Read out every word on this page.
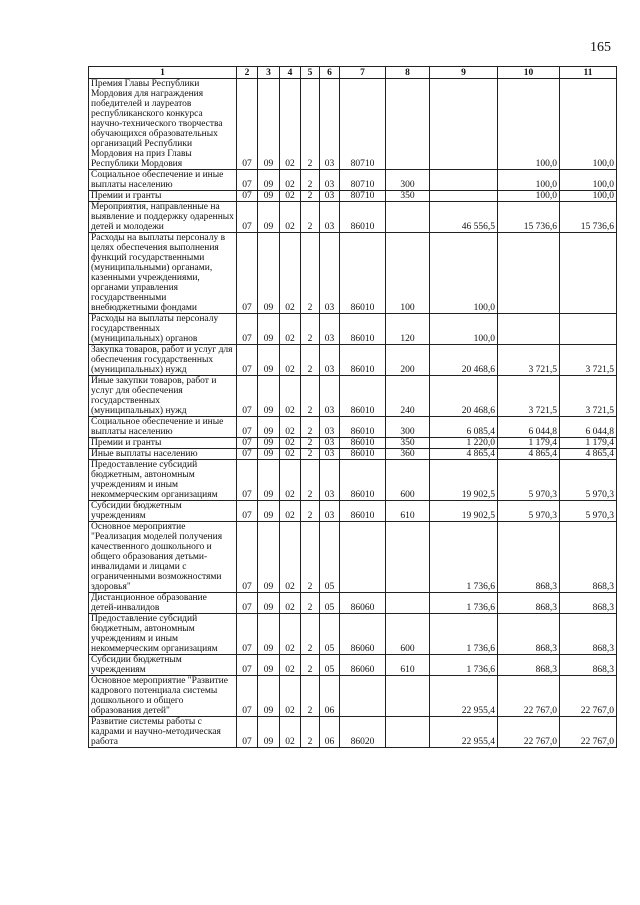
165
1	2	3	4	5	6	7	8	9	10	11
Премия Главы Республики Мордовия для награждения победителей и лауреатов республиканского конкурса научно-технического творчества обучающихся образовательных организаций Республики Мордовия на приз Главы Республики Мордовия	07	09	02	2	03	80710			100,0	100,0
Социальное обеспечение и иные выплаты населению	07	09	02	2	03	80710	300		100,0	100,0
Премии и гранты	07	09	02	2	03	80710	350		100,0	100,0
Мероприятия, направленные на выявление и поддержку одаренных детей и молодежи	07	09	02	2	03	86010		46 556,5	15 736,6	15 736,6
Расходы на выплаты персоналу в целях обеспечения выполнения функций государственными (муниципальными) органами, казенными учреждениями, органами управления государственными внебюджетными фондами	07	09	02	2	03	86010	100	100,0		
Расходы на выплаты персоналу государственных (муниципальных) органов	07	09	02	2	03	86010	120	100,0		
Закупка товаров, работ и услуг для обеспечения государственных (муниципальных) нужд	07	09	02	2	03	86010	200	20 468,6	3 721,5	3 721,5
Иные закупки товаров, работ и услуг для обеспечения государственных (муниципальных) нужд	07	09	02	2	03	86010	240	20 468,6	3 721,5	3 721,5
Социальное обеспечение и иные выплаты населению	07	09	02	2	03	86010	300	6 085,4	6 044,8	6 044,8
Премии и гранты	07	09	02	2	03	86010	350	1 220,0	1 179,4	1 179,4
Иные выплаты населению	07	09	02	2	03	86010	360	4 865,4	4 865,4	4 865,4
Предоставление субсидий бюджетным, автономным учреждениям и иным некоммерческим организациям	07	09	02	2	03	86010	600	19 902,5	5 970,3	5 970,3
Субсидии бюджетным учреждениям	07	09	02	2	03	86010	610	19 902,5	5 970,3	5 970,3
Основное мероприятие "Реализация моделей получения качественного дошкольного и общего образования детьми-инвалидами и лицами с ограниченными возможностями здоровья"	07	09	02	2	05			1 736,6	868,3	868,3
Дистанционное образование детей-инвалидов	07	09	02	2	05	86060		1 736,6	868,3	868,3
Предоставление субсидий бюджетным, автономным учреждениям и иным некоммерческим организациям	07	09	02	2	05	86060	600	1 736,6	868,3	868,3
Субсидии бюджетным учреждениям	07	09	02	2	05	86060	610	1 736,6	868,3	868,3
Основное мероприятие "Развитие кадрового потенциала системы дошкольного и общего образования детей"	07	09	02	2	06			22 955,4	22 767,0	22 767,0
Развитие системы работы с кадрами и научно-методическая работа	07	09	02	2	06	86020		22 955,4	22 767,0	22 767,0
